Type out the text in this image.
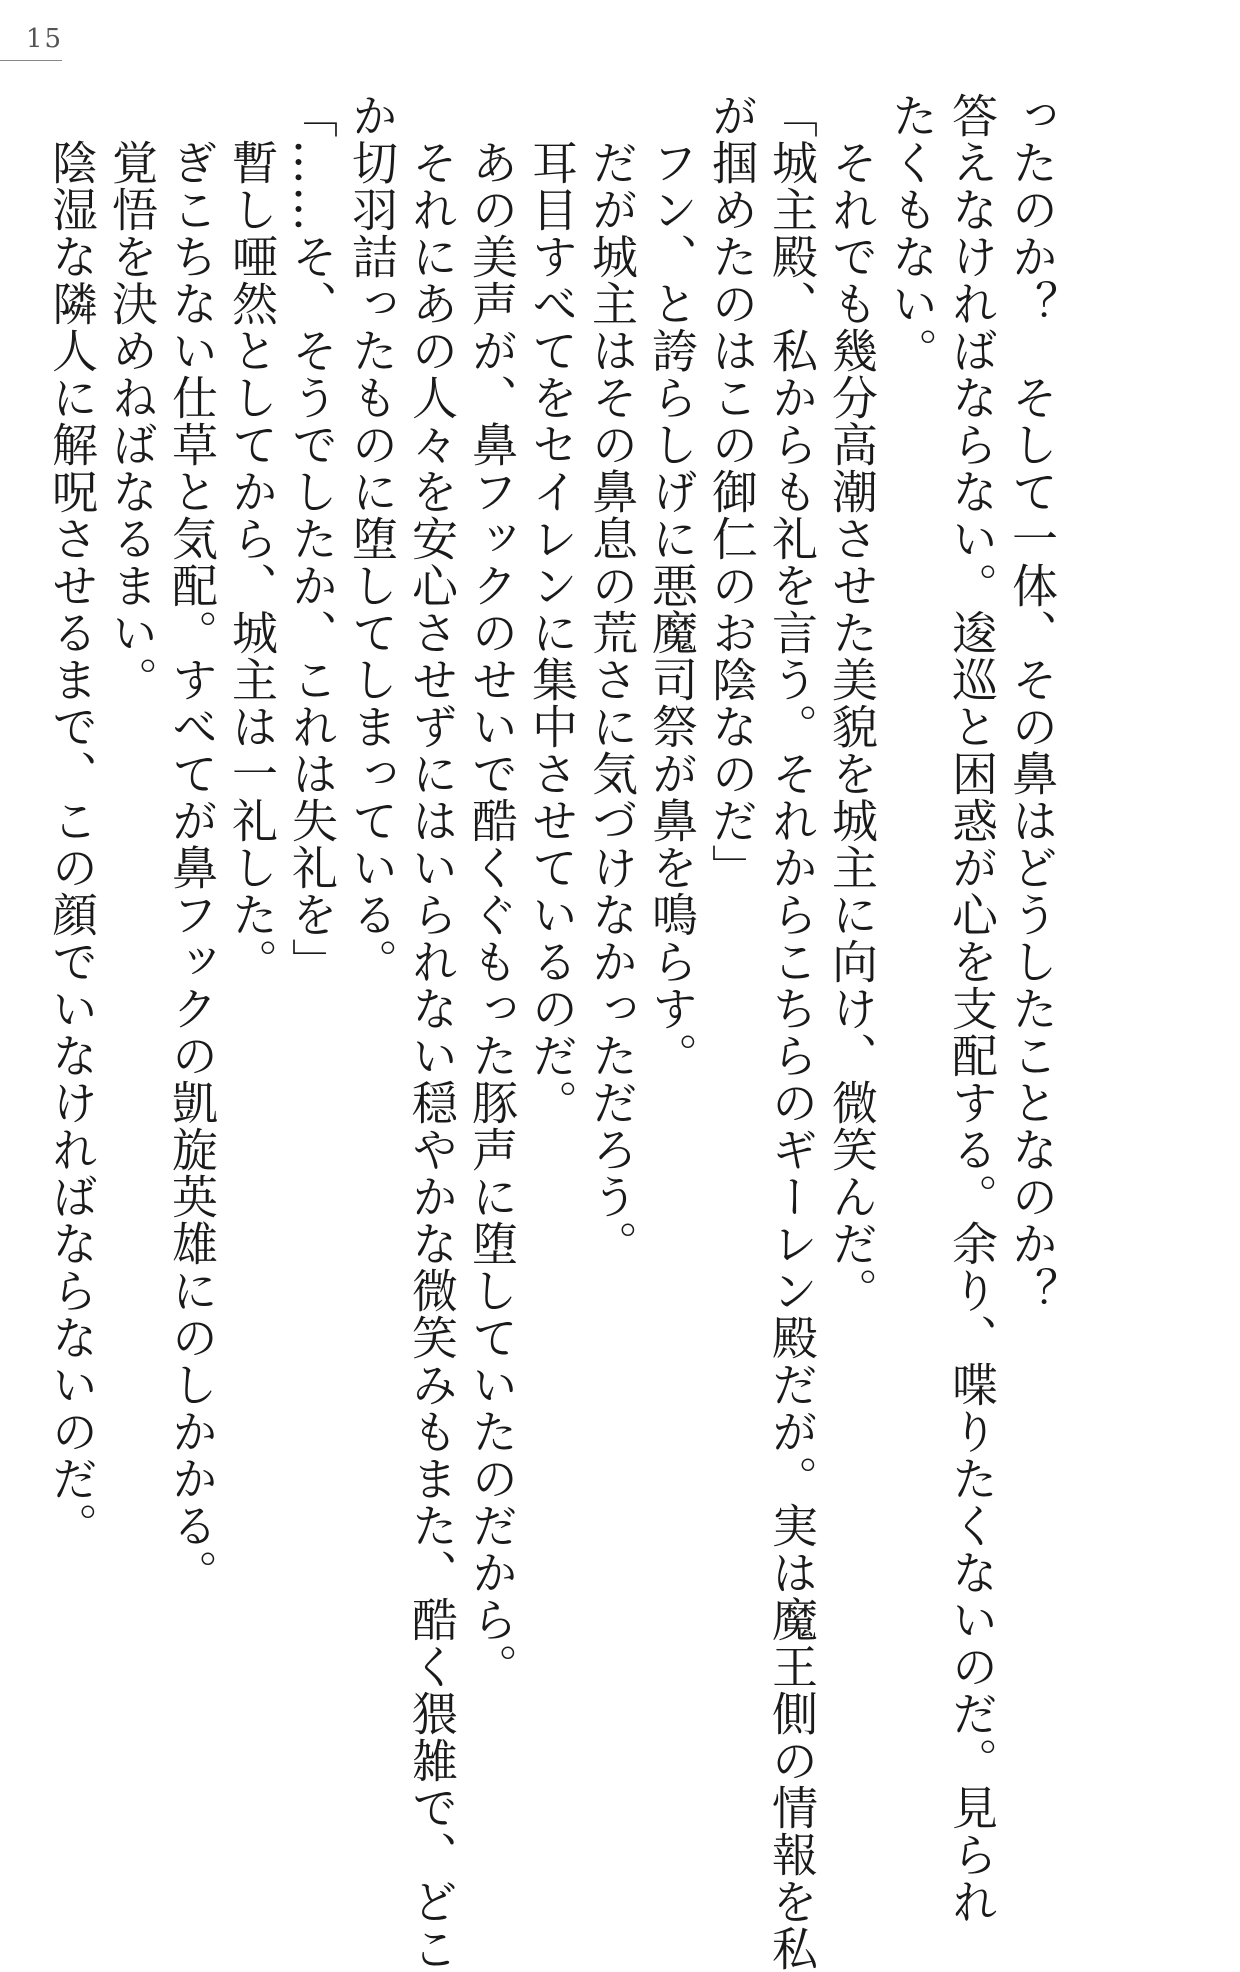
15
ったのか？　そして一体、その鼻はどうしたことなのか？
答えなければならない。逡巡と困惑が心を支配する。余り、喋りたくないのだ。見られ
たくもない。
　それでも幾分高潮させた美貌を城主に向け、微笑んだ。
「城主殿、私からも礼を言う。それからこちらのギーレン殿だが。実は魔王側の情報を私
が掴めたのはこの御仁のお陰なのだ」
　フン、と誇らしげに悪魔司祭が鼻を鳴らす。
　だが城主はその鼻息の荒さに気づけなかっただろう。
　耳目すべてをセイレンに集中させているのだ。
　あの美声が、鼻フックのせいで酷くぐもった豚声に堕していたのだから。
　それにあの人々を安心させずにはいられない穏やかな微笑みもまた、酷く猥雑で、どこ
か切羽詰ったものに堕してしまっている。
「……そ、そうでしたか、これは失礼を」
　暫し唖然としてから、城主は一礼した。
　ぎこちない仕草と気配。すべてが鼻フックの凱旋英雄にのしかかる。
　覚悟を決めねばなるまい。
　陰湿な隣人に解呪させるまで、この顔でいなければならないのだ。
